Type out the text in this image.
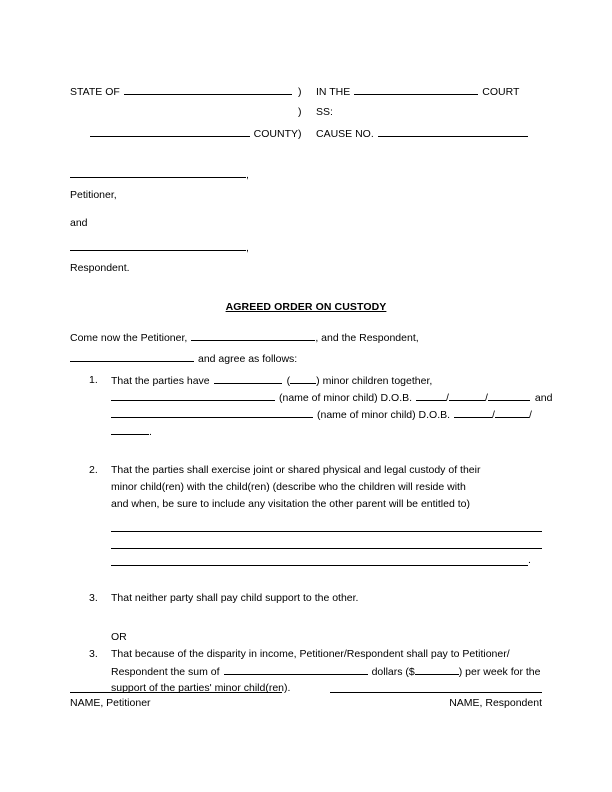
STATE OF	)	IN THE	COURT
)	SS:
COUNTY )	CAUSE NO.
,
Petitioner,
and
,
Respondent.
AGREED ORDER ON CUSTODY
Come now the Petitioner,	, and the Respondent,
and agree as follows:
1.	That the parties have	( ) minor children together,
(name of minor child) D.O.B.	/	/	and
(name of minor child) D.O.B.	/	/
.
2.	That the parties shall exercise joint or shared physical and legal custody of their
minor child(ren) with the child(ren) (describe who the children will reside with
and when, be sure to include any visitation the other parent will be entitled to)
.
3.	That neither party shall pay child support to the other.
OR
3.	That because of the disparity in income, Petitioner/Respondent shall pay to Petitioner/
Respondent the sum of	dollars ($	) per week for the
support of the parties' minor child(ren).
NAME, Petitioner	NAME, Respondent
